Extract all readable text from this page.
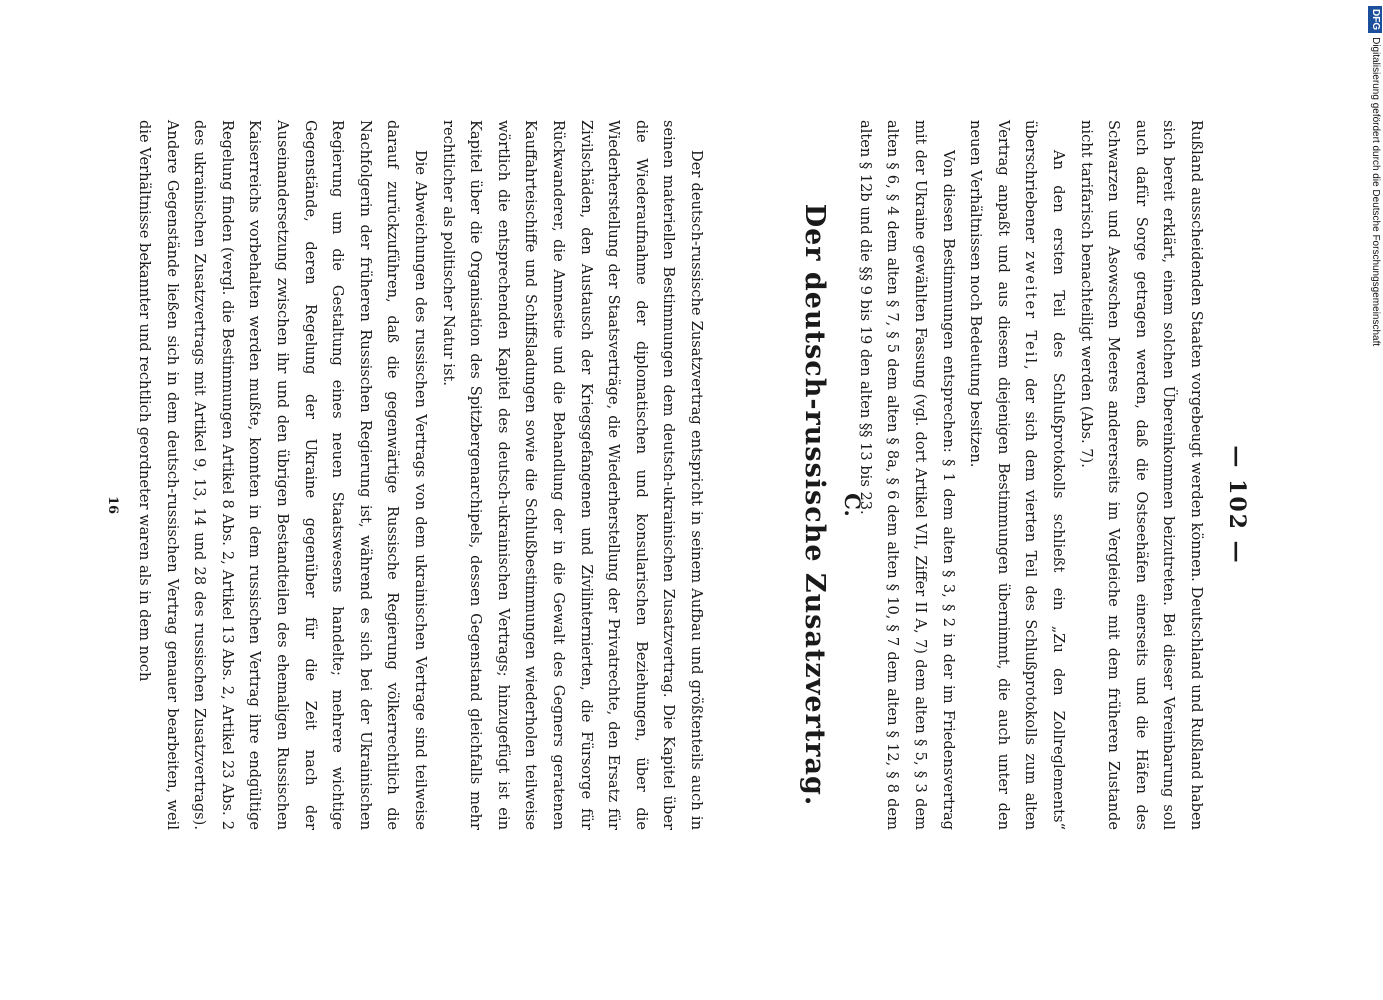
— 102 —

Rußland ausscheidenden Staaten vorgebeugt werden können. Deutschland und Rußland haben sich bereit erklärt, einem solchen Übereinkommen beizutreten. Bei dieser Vereinbarung soll auch dafür Sorge getragen werden, daß die Ostseehäfen einerseits und die Häfen des Schwarzen und Asowschen Meeres andererseits im Vergleiche mit dem früheren Zustande nicht tarifarisch benachteiligt werden (Abs. 7).

An den ersten Teil des Schlußprotokolls schließt ein „Zu den Zollreglements“ überschriebener zweiter Teil, der sich dem vierten Teil des Schlußprotokolls zum alten Vertrag anpaßt und aus diesem diejenigen Bestimmungen übernimmt, die auch unter den neuen Verhältnissen noch Bedeutung besitzen.

Von diesen Bestimmungen entsprechen: § 1 dem alten § 3, § 2 in der im Friedensvertrag mit der Ukraine gewählten Fassung (vgl. dort Artikel VII, Ziffer II A, 7) dem alten § 5, § 3 dem alten § 6, § 4 dem alten § 7, § 5 dem alten § 8a, § 6 dem alten § 10, § 7 dem alten § 12, § 8 dem alten § 12b und die §§ 9 bis 19 den alten §§ 13 bis 23.

C.
Der deutsch-russische Zusatzvertrag.

Der deutsch-russische Zusatzvertrag entspricht in seinem Aufbau und größtenteils auch in seinen materiellen Bestimmungen dem deutsch-ukrainischen Zusatzvertrag. Die Kapitel über die Wiederaufnahme der diplomatischen und konsularischen Beziehungen, über die Wiederherstellung der Staatsverträge, die Wiederherstellung der Privatrechte, den Ersatz für Zivilschäden, den Austausch der Kriegsgefangenen und Zivilinternierten, die Fürsorge für Rückwanderer, die Amnestie und die Behandlung der in die Gewalt des Gegners geratenen Kauffahrteischiffe und Schiffsladungen sowie die Schlußbestimmungen wiederholen teilweise wörtlich die entsprechenden Kapitel des deutsch-ukrainischen Vertrags; hinzugefügt ist ein Kapitel über die Organisation des Spitzbergenarchipels, dessen Gegenstand gleichfalls mehr rechtlicher als politischer Natur ist.

Die Abweichungen des russischen Vertrags von dem ukrainischen Vertrage sind teilweise darauf zurückzuführen, daß die gegenwärtige Russische Regierung völkerrechtlich die Nachfolgerin der früheren Russischen Regierung ist, während es sich bei der Ukrainischen Regierung um die Gestaltung eines neuen Staatswesens handelte; mehrere wichtige Gegenstände, deren Regelung der Ukraine gegenüber für die Zeit nach der Auseinandersetzung zwischen ihr und den übrigen Bestandteilen des ehemaligen Russischen Kaiserreichs vorbehalten werden mußte, konnten in dem russischen Vertrag ihre endgültige Regelung finden (vergl. die Bestimmungen Artikel 8 Abs. 2, Artikel 13 Abs. 2, Artikel 23 Abs. 2 des ukrainischen Zusatzvertrags mit Artikel 9, 13, 14 und 28 des russischen Zusatzvertrags). Andere Gegenstände ließen sich in dem deutsch-russischen Vertrag genauer bearbeiten, weil die Verhältnisse bekannter und rechtlich geordneter waren als in dem noch

16
DFGDigitalisierung gefördert durch die Deutsche Forschungsgemeinschaft
